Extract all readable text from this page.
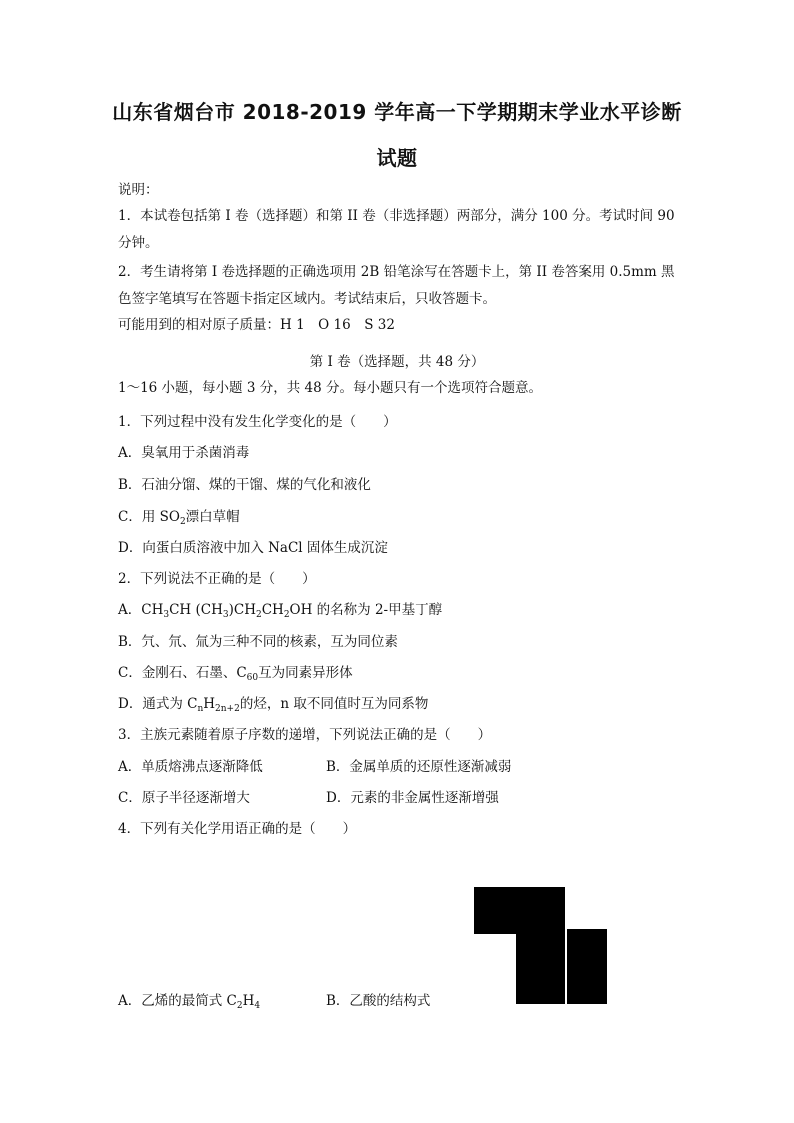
山东省烟台市 2018-2019 学年高一下学期期末学业水平诊断
试题
说明：
1．本试卷包括第 I 卷（选择题）和第 II 卷（非选择题）两部分，满分 100 分。考试时间 90
分钟。
2．考生请将第 I 卷选择题的正确选项用 2B 铅笔涂写在答题卡上，第 II 卷答案用 0.5mm 黑
色签字笔填写在答题卡指定区域内。考试结束后，只收答题卡。
可能用到的相对原子质量：H 1　O 16　S 32
第 I 卷（选择题，共 48 分）
1～16 小题，每小题 3 分，共 48 分。每小题只有一个选项符合题意。
1．下列过程中没有发生化学变化的是（　　）
A．臭氧用于杀菌消毒
B．石油分馏、煤的干馏、煤的气化和液化
C．用 $SO_2$漂白草帽
D．向蛋白质溶液中加入 NaCl 固体生成沉淀
2．下列说法不正确的是（　　）
A．$CH_3CH$ $(CH_3)CH_2CH_2OH$ 的名称为 2-甲基丁醇
B．氕、氘、氚为三种不同的核素，互为同位素
C．金刚石、石墨、$C_{60}$互为同素异形体
D．通式为 $C_nH_{2n+2}$的烃，n 取不同值时互为同系物
3．主族元素随着原子序数的递增，下列说法正确的是（　　）
A．单质熔沸点逐渐降低	B．金属单质的还原性逐渐减弱
C．原子半径逐渐增大	D．元素的非金属性逐渐增强
4．下列有关化学用语正确的是（　　）
A．乙烯的最简式 $C_2H_4$	B．乙酸的结构式
